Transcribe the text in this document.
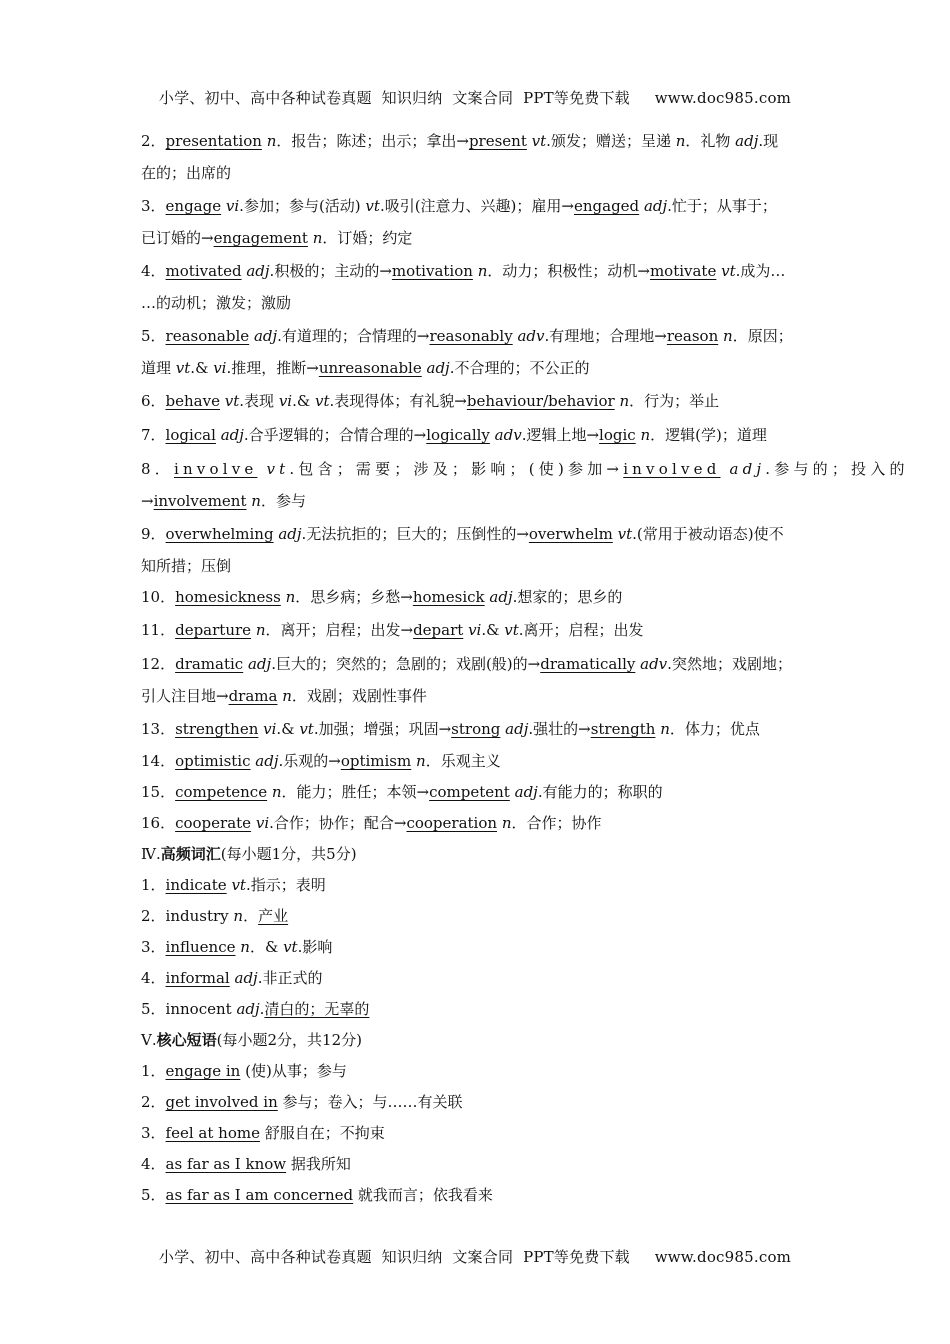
小学、初中、高中各种试卷真题  知识归纳  文案合同  PPT等免费下载     www.doc985.com
2．presentation n．报告；陈述；出示；拿出→present vt.颁发；赠送；呈递 n．礼物 adj.现
在的；出席的
3．engage vi.参加；参与(活动) vt.吸引(注意力、兴趣)；雇用→engaged adj.忙于；从事于；
已订婚的→engagement n．订婚；约定
4．motivated adj.积极的；主动的→motivation n．动力；积极性；动机→motivate vt.成为…
…的动机；激发；激励
5．reasonable adj.有道理的；合情理的→reasonably adv.有理地；合理地→reason n．原因；
道理 vt.& vi.推理，推断→unreasonable adj.不合理的；不公正的
6．behave vt.表现 vi.& vt.表现得体；有礼貌→behaviour/behavior n．行为；举止
7．logical adj.合乎逻辑的；合情合理的→logically adv.逻辑上地→logic n．逻辑(学)；道理
8．involve vt.包含；需要；涉及；影响；(使)参加→involved adj.参与的；投入的
→involvement n．参与
9．overwhelming adj.无法抗拒的；巨大的；压倒性的→overwhelm vt.(常用于被动语态)使不
知所措；压倒
10．homesickness n．思乡病；乡愁→homesick adj.想家的；思乡的
11．departure n．离开；启程；出发→depart vi.& vt.离开；启程；出发
12．dramatic adj.巨大的；突然的；急剧的；戏剧(般)的→dramatically adv.突然地；戏剧地；
引人注目地→drama n．戏剧；戏剧性事件
13．strengthen vi.& vt.加强；增强；巩固→strong adj.强壮的→strength n．体力；优点
14．optimistic adj.乐观的→optimism n．乐观主义
15．competence n．能力；胜任；本领→competent adj.有能力的；称职的
16．cooperate vi.合作；协作；配合→cooperation n．合作；协作
Ⅳ.高频词汇(每小题1分，共5分)
1．indicate vt.指示；表明
2．industry n．产业
3．influence n．& vt.影响
4．informal adj.非正式的
5．innocent adj.清白的；无辜的
Ⅴ.核心短语(每小题2分，共12分)
1．engage in (使)从事；参与
2．get involved in 参与；卷入；与……有关联
3．feel at home 舒服自在；不拘束
4．as far as I know 据我所知
5．as far as I am concerned 就我而言；依我看来
小学、初中、高中各种试卷真题  知识归纳  文案合同  PPT等免费下载     www.doc985.com
